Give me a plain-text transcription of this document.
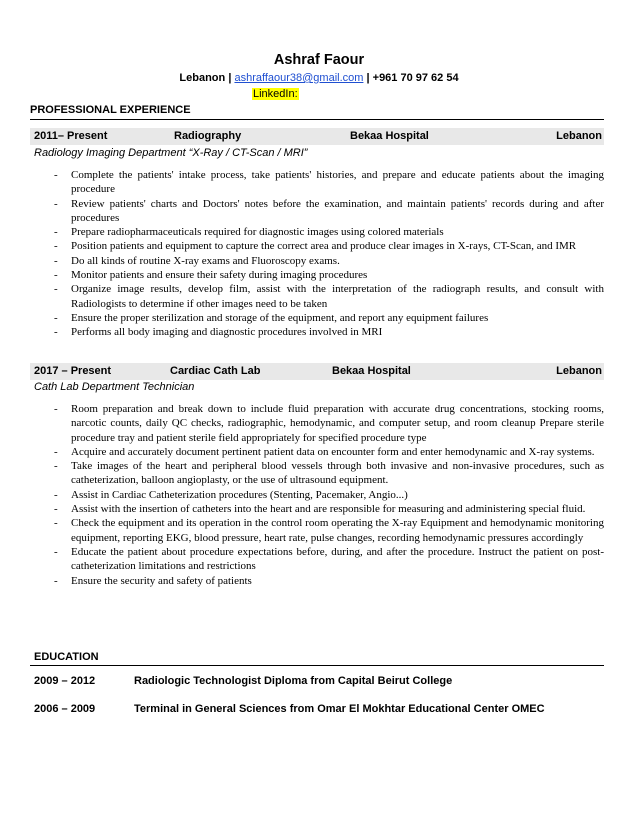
Ashraf Faour
Lebanon | ashraffaour38@gmail.com | +961 70 97 62 54
LinkedIn:
PROFESSIONAL EXPERIENCE
2011– Present	Radiography	Bekaa Hospital	Lebanon
Radiology Imaging Department “X-Ray / CT-Scan / MRI”
- Complete the patients' intake process, take patients' histories, and prepare and educate patients about the imaging procedure
- Review patients' charts and Doctors' notes before the examination, and maintain patients' records during and after procedures
- Prepare radiopharmaceuticals required for diagnostic images using colored materials
- Position patients and equipment to capture the correct area and produce clear images in X-rays, CT-Scan, and IMR
- Do all kinds of routine X-ray exams and Fluoroscopy exams.
- Monitor patients and ensure their safety during imaging procedures
- Organize image results, develop film, assist with the interpretation of the radiograph results, and consult with Radiologists to determine if other images need to be taken
- Ensure the proper sterilization and storage of the equipment, and report any equipment failures
- Performs all body imaging and diagnostic procedures involved in MRI
2017 – Present	Cardiac Cath Lab	Bekaa Hospital	Lebanon
Cath Lab Department Technician
- Room preparation and break down to include fluid preparation with accurate drug concentrations, stocking rooms, narcotic counts, daily QC checks, radiographic, hemodynamic, and computer setup, and room cleanup Prepare sterile procedure tray and patient sterile field appropriately for specified procedure type
- Acquire and accurately document pertinent patient data on encounter form and enter hemodynamic and X-ray systems.
- Take images of the heart and peripheral blood vessels through both invasive and non-invasive procedures, such as catheterization, balloon angioplasty, or the use of ultrasound equipment.
- Assist in Cardiac Catheterization procedures (Stenting, Pacemaker, Angio...)
- Assist with the insertion of catheters into the heart and are responsible for measuring and administering special fluid.
- Check the equipment and its operation in the control room operating the X-ray Equipment and hemodynamic monitoring equipment, reporting EKG, blood pressure, heart rate, pulse changes, recording hemodynamic pressures accordingly
- Educate the patient about procedure expectations before, during, and after the procedure. Instruct the patient on post-catheterization limitations and restrictions
- Ensure the security and safety of patients
EDUCATION
2009 – 2012	Radiologic Technologist Diploma from Capital Beirut College
2006 – 2009	Terminal in General Sciences from Omar El Mokhtar Educational Center OMEC
